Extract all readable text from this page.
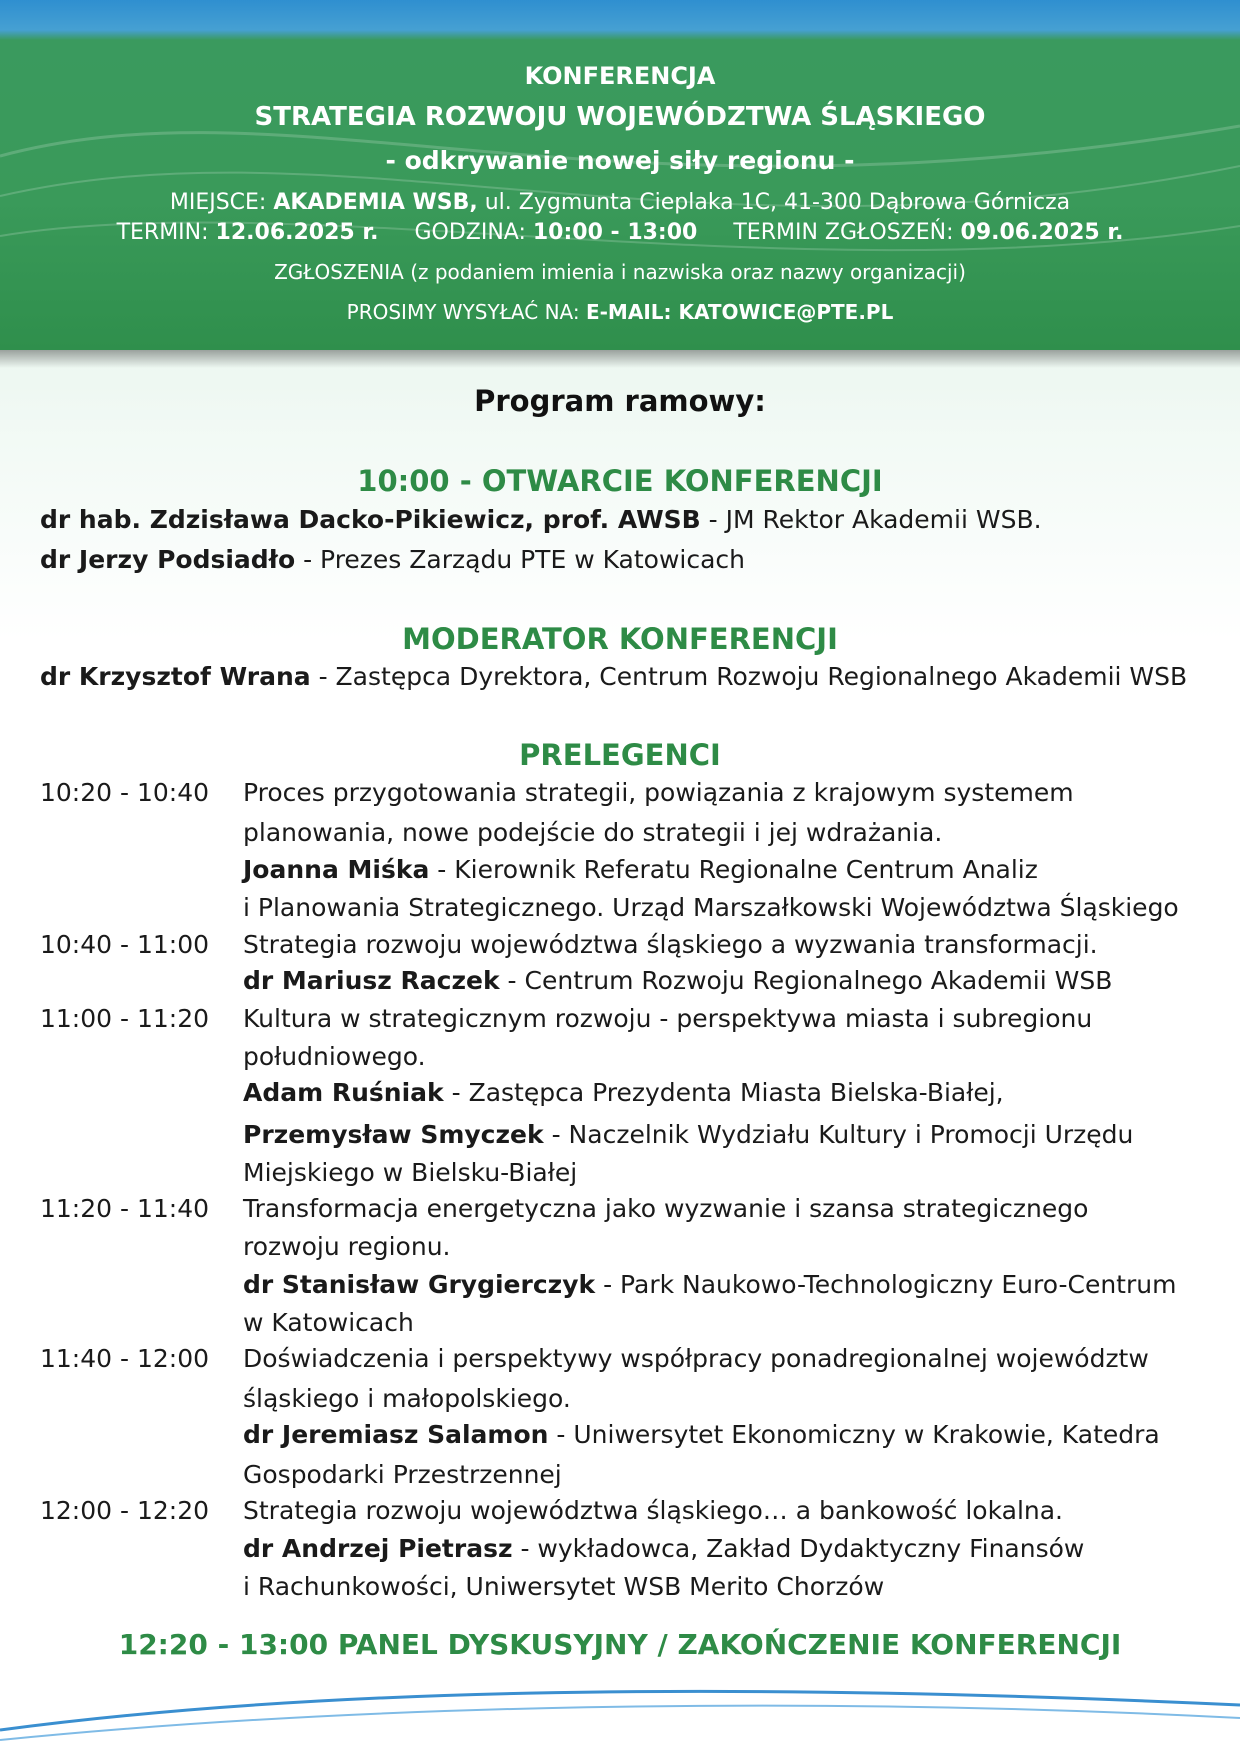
KONFERENCJA
STRATEGIA ROZWOJU WOJEWÓDZTWA ŚLĄSKIEGO
- odkrywanie nowej siły regionu -
MIEJSCE: AKADEMIA WSB, ul. Zygmunta Cieplaka 1C, 41-300 Dąbrowa Górnicza
TERMIN: 12.06.2025 r. GODZINA: 10:00 - 13:00 TERMIN ZGŁOSZEŃ: 09.06.2025 r.
ZGŁOSZENIA (z podaniem imienia i nazwiska oraz nazwy organizacji)
PROSIMY WYSYŁAĆ NA: E-MAIL: KATOWICE@PTE.PL
Program ramowy:
10:00 - OTWARCIE KONFERENCJI
dr hab. Zdzisława Dacko-Pikiewicz, prof. AWSB - JM Rektor Akademii WSB.
dr Jerzy Podsiadło - Prezes Zarządu PTE w Katowicach
MODERATOR KONFERENCJI
dr Krzysztof Wrana - Zastępca Dyrektora, Centrum Rozwoju Regionalnego Akademii WSB
PRELEGENCI
10:20 - 10:40 Proces przygotowania strategii, powiązania z krajowym systemem
planowania, nowe podejście do strategii i jej wdrażania.
Joanna Miśka - Kierownik Referatu Regionalne Centrum Analiz
i Planowania Strategicznego. Urząd Marszałkowski Województwa Śląskiego
10:40 - 11:00 Strategia rozwoju województwa śląskiego a wyzwania transformacji.
dr Mariusz Raczek - Centrum Rozwoju Regionalnego Akademii WSB
11:00 - 11:20 Kultura w strategicznym rozwoju - perspektywa miasta i subregionu
południowego.
Adam Ruśniak - Zastępca Prezydenta Miasta Bielska-Białej,
Przemysław Smyczek - Naczelnik Wydziału Kultury i Promocji Urzędu
Miejskiego w Bielsku-Białej
11:20 - 11:40 Transformacja energetyczna jako wyzwanie i szansa strategicznego
rozwoju regionu.
dr Stanisław Grygierczyk - Park Naukowo-Technologiczny Euro-Centrum
w Katowicach
11:40 - 12:00 Doświadczenia i perspektywy współpracy ponadregionalnej województw
śląskiego i małopolskiego.
dr Jeremiasz Salamon - Uniwersytet Ekonomiczny w Krakowie, Katedra
Gospodarki Przestrzennej
12:00 - 12:20 Strategia rozwoju województwa śląskiego… a bankowość lokalna.
dr Andrzej Pietrasz - wykładowca, Zakład Dydaktyczny Finansów
i Rachunkowości, Uniwersytet WSB Merito Chorzów
12:20 - 13:00 PANEL DYSKUSYJNY / ZAKOŃCZENIE KONFERENCJI
